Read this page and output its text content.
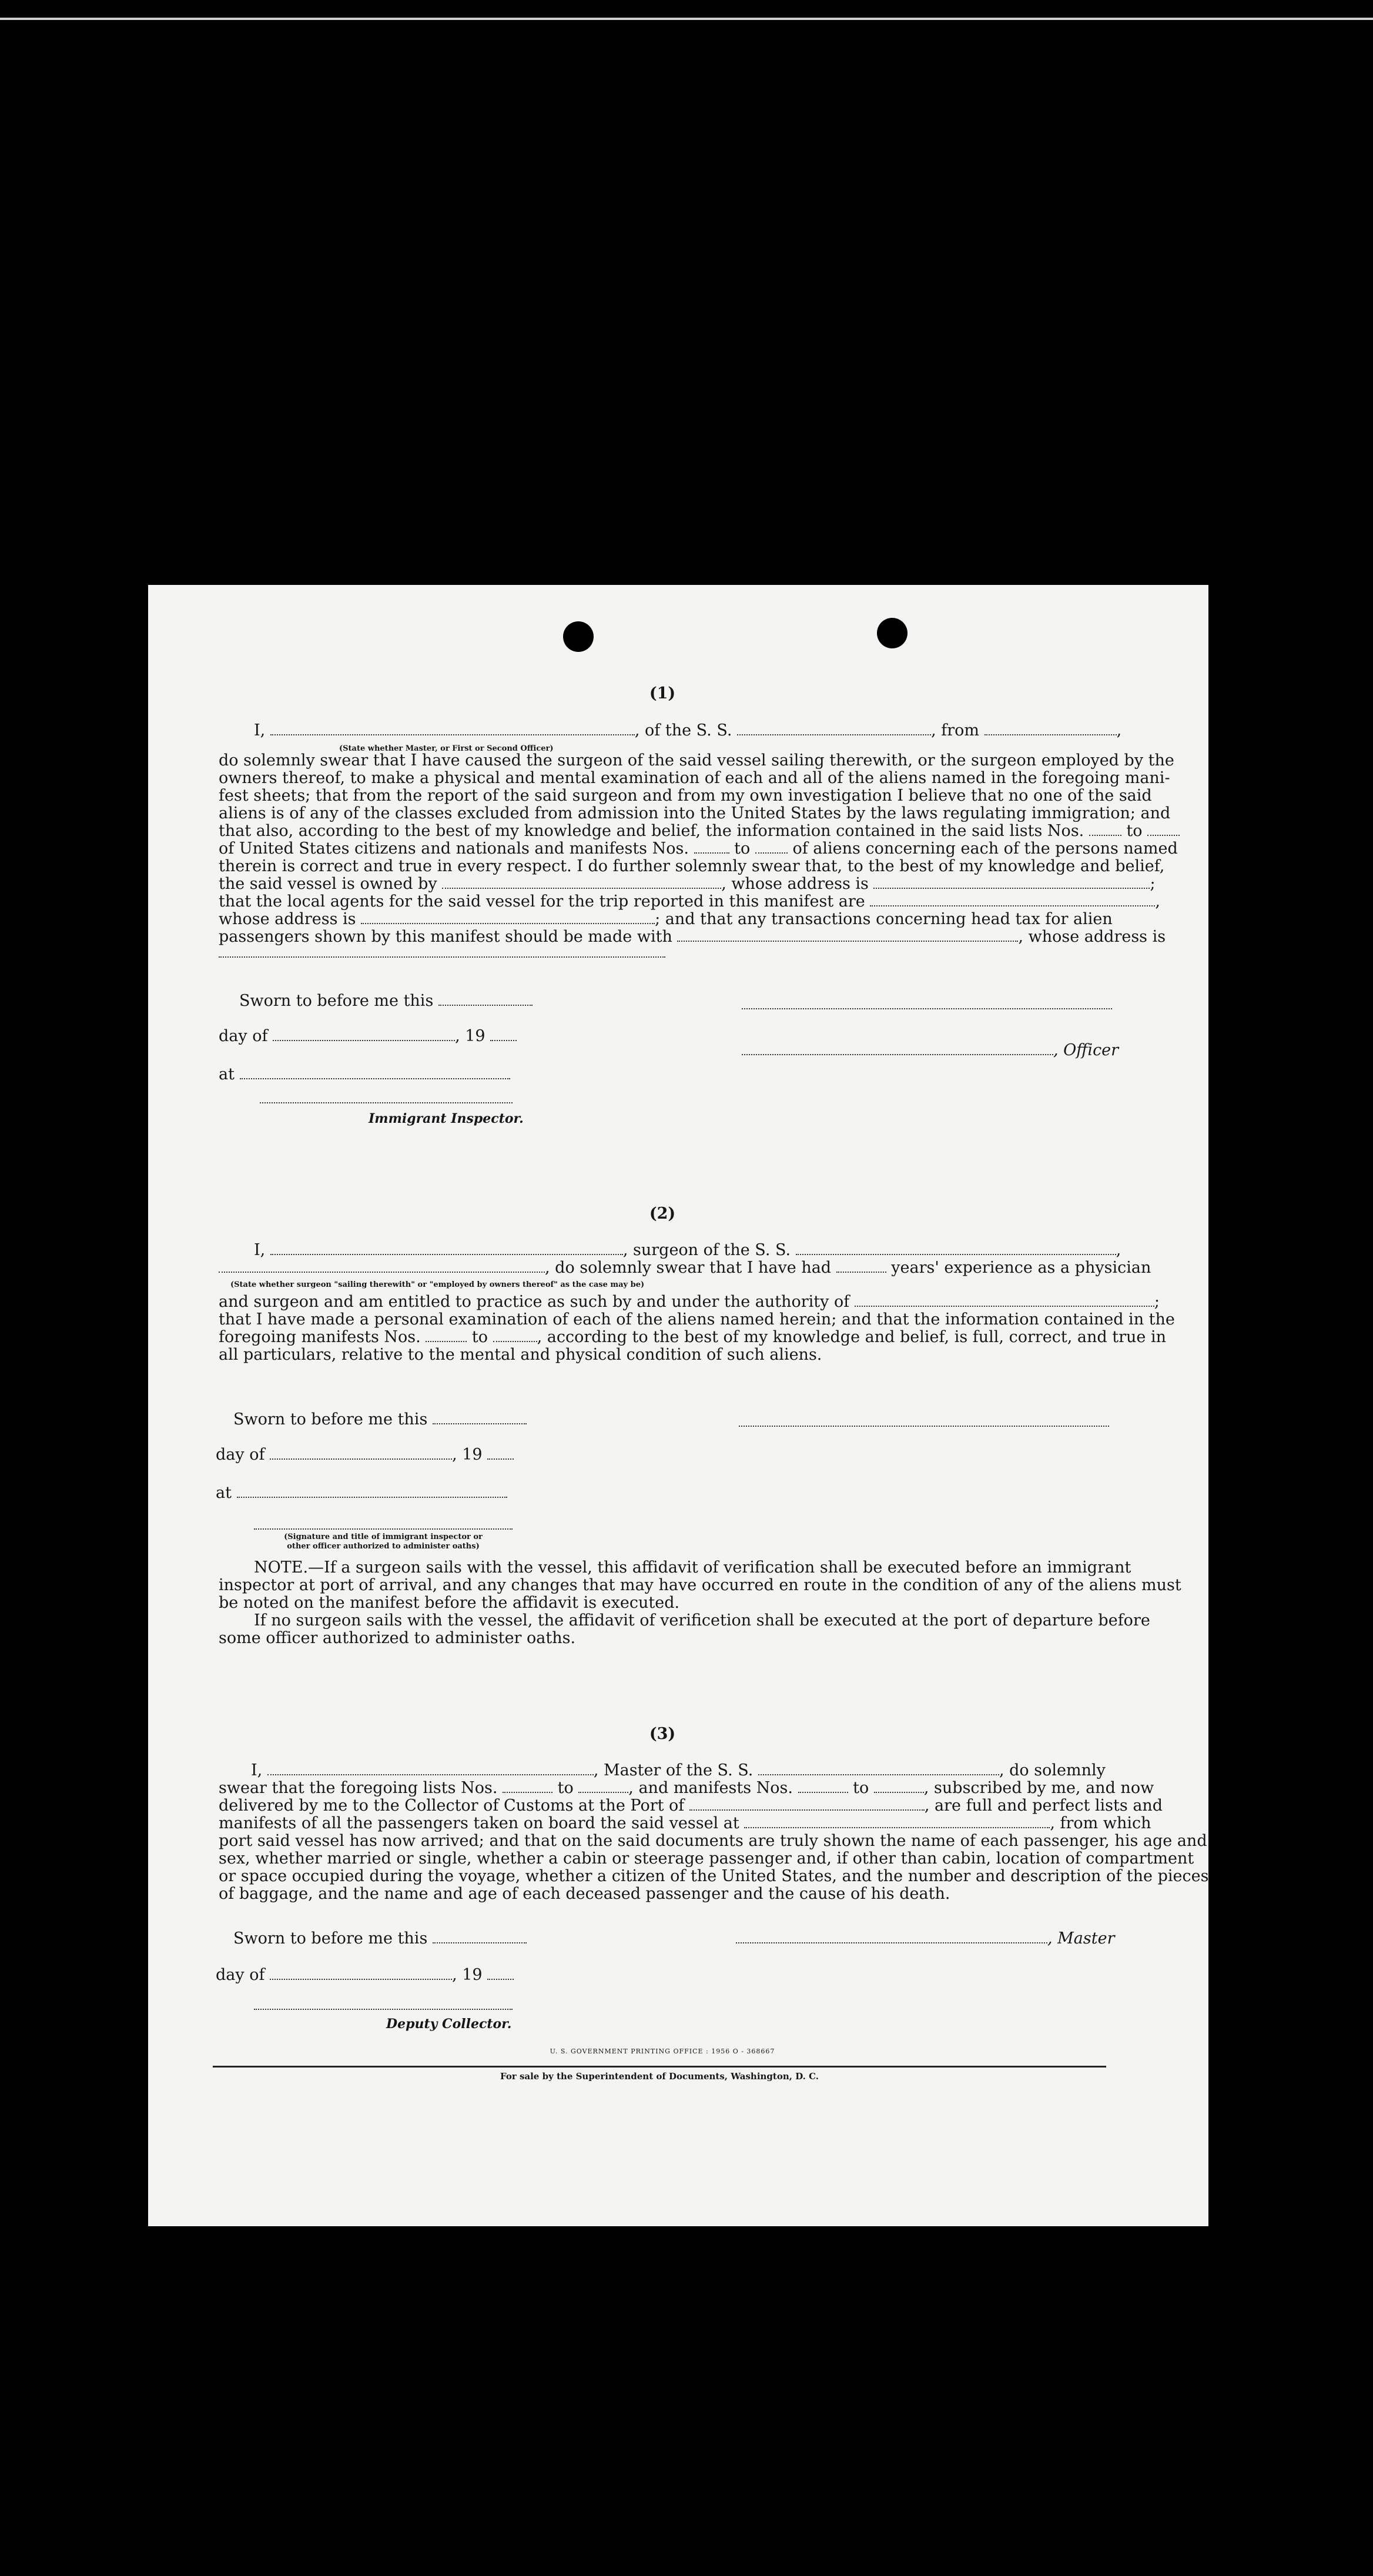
(1)
I,	, of the S. S.	, from	,
(State whether Master, or First or Second Officer)
do solemnly swear that I have caused the surgeon of the said vessel sailing therewith, or the surgeon employed by the
owners thereof, to make a physical and mental examination of each and all of the aliens named in the foregoing mani-
fest sheets; that from the report of the said surgeon and from my own investigation I believe that no one of the said
aliens is of any of the classes excluded from admission into the United States by the laws regulating immigration; and
that also, according to the best of my knowledge and belief, the information contained in the said lists Nos.	to
of United States citizens and nationals and manifests Nos.	to	of aliens concerning each of the persons named
therein is correct and true in every respect. I do further solemnly swear that, to the best of my knowledge and belief,
the said vessel is owned by	, whose address is	;
that the local agents for the said vessel for the trip reported in this manifest are	,
whose address is	; and that any transactions concerning head tax for alien
passengers shown by this manifest should be made with	, whose address is
Sworn to before me this
day of	, 19
, Officer
at
Immigrant Inspector.
(2)
I,	, surgeon of the S. S.	,
, do solemnly swear that I have had	years' experience as a physician
(State whether surgeon "sailing therewith" or "employed by owners thereof" as the case may be)
and surgeon and am entitled to practice as such by and under the authority of	;
that I have made a personal examination of each of the aliens named herein; and that the information contained in the
foregoing manifests Nos.	to	, according to the best of my knowledge and belief, is full, correct, and true in
all particulars, relative to the mental and physical condition of such aliens.
Sworn to before me this
day of	, 19
at
(Signature and title of immigrant inspector or
other officer authorized to administer oaths)
NOTE.—If a surgeon sails with the vessel, this affidavit of verification shall be executed before an immigrant
inspector at port of arrival, and any changes that may have occurred en route in the condition of any of the aliens must
be noted on the manifest before the affidavit is executed.
If no surgeon sails with the vessel, the affidavit of verificetion shall be executed at the port of departure before
some officer authorized to administer oaths.
(3)
I,	, Master of the S. S.	, do solemnly
swear that the foregoing lists Nos.	to	, and manifests Nos.	to	, subscribed by me, and now
delivered by me to the Collector of Customs at the Port of	, are full and perfect lists and
manifests of all the passengers taken on board the said vessel at	, from which
port said vessel has now arrived; and that on the said documents are truly shown the name of each passenger, his age and
sex, whether married or single, whether a cabin or steerage passenger and, if other than cabin, location of compartment
or space occupied during the voyage, whether a citizen of the United States, and the number and description of the pieces
of baggage, and the name and age of each deceased passenger and the cause of his death.
Sworn to before me this	, Master
day of	, 19
Deputy Collector.
U. S. GOVERNMENT PRINTING OFFICE : 1956 O - 368667
For sale by the Superintendent of Documents, Washington, D. C.
